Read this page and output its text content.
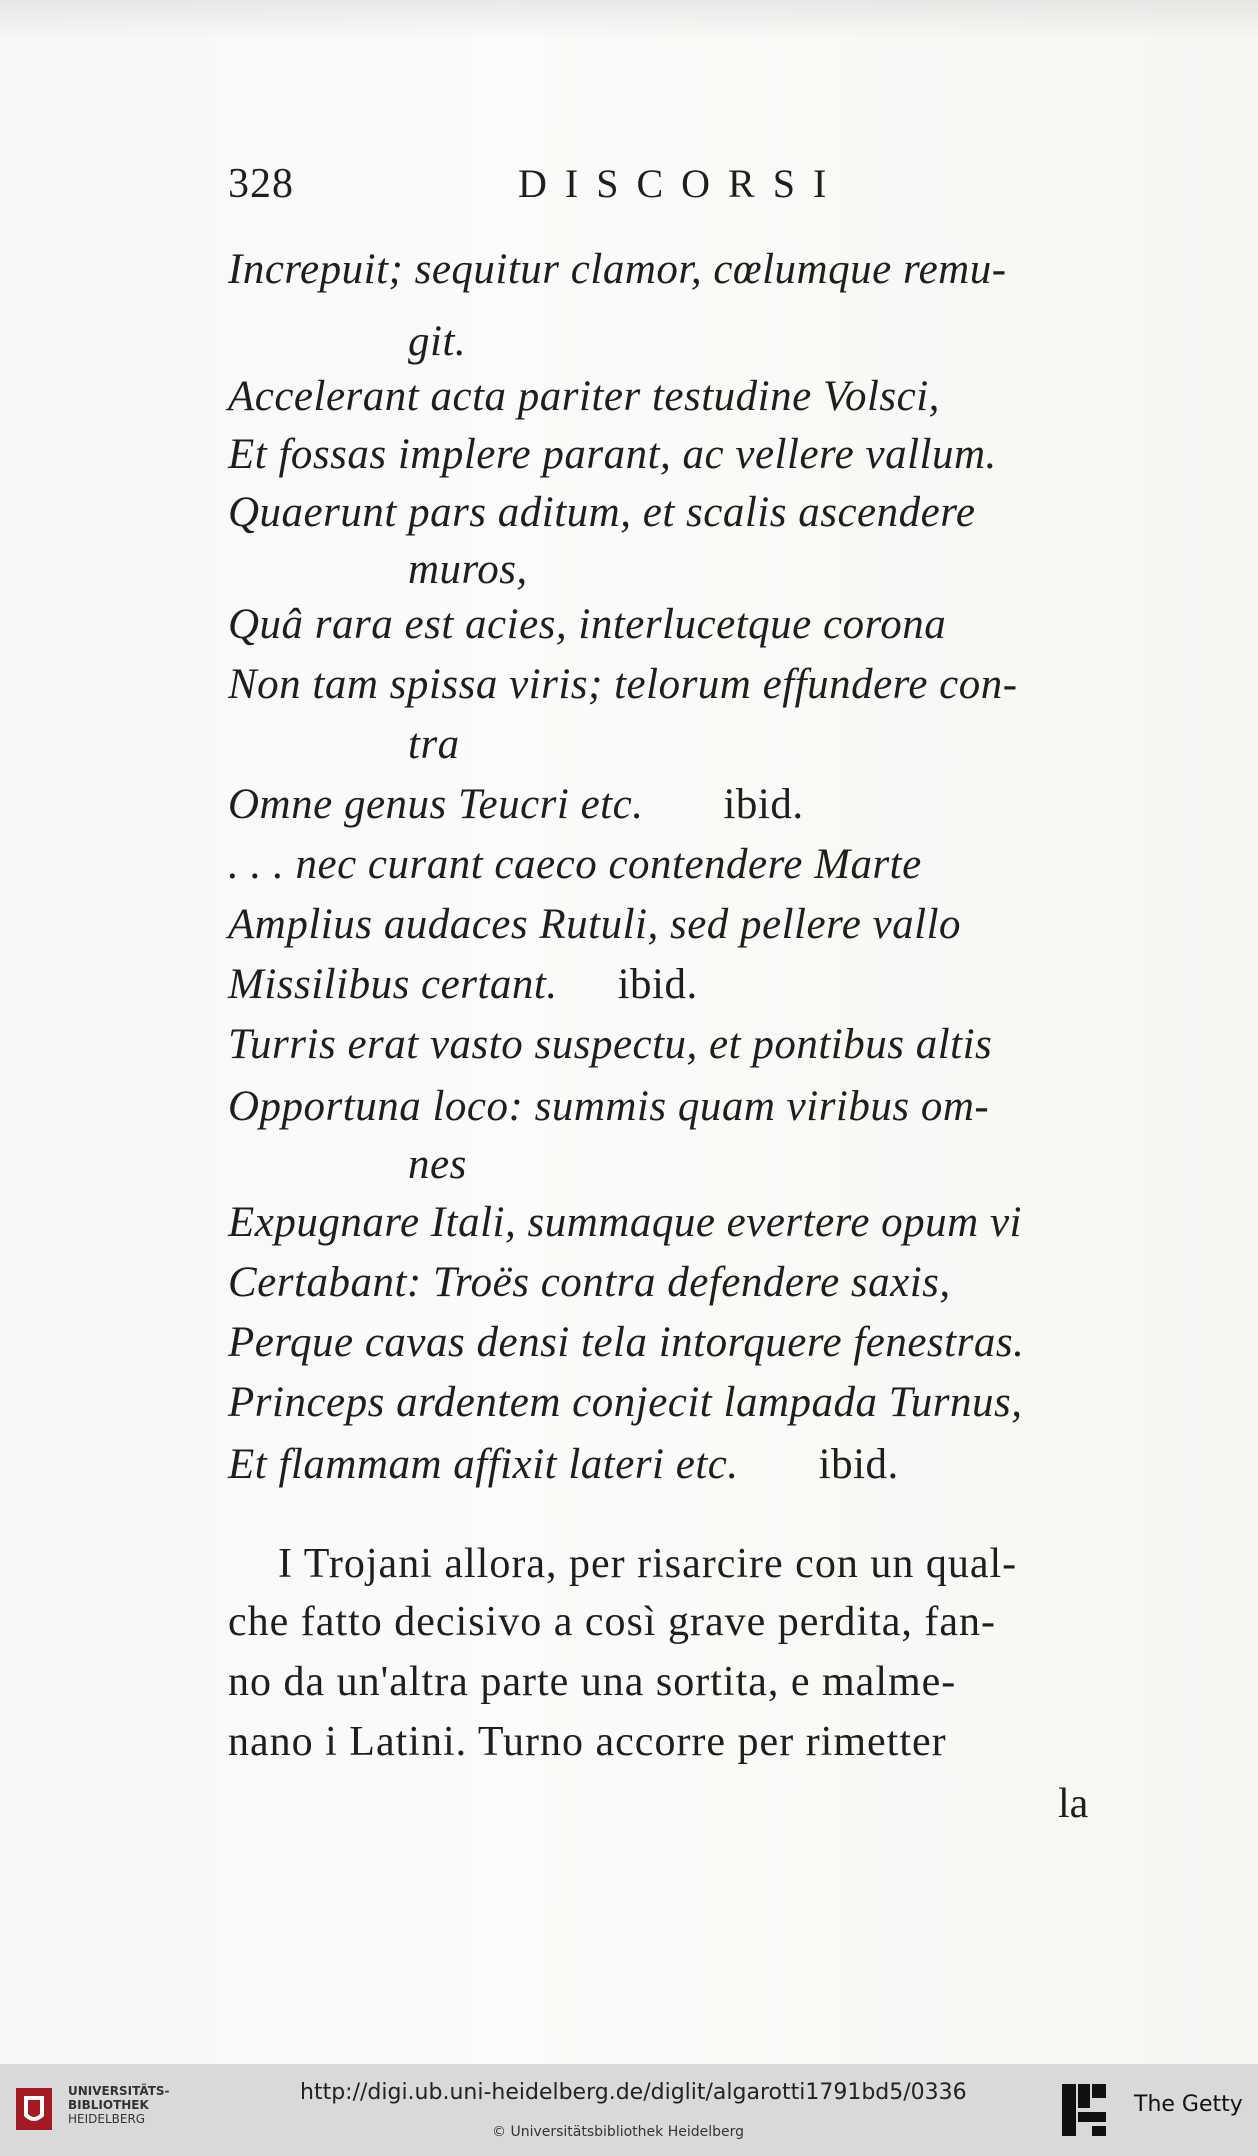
328	DISCORSI
Increpuit; sequitur clamor, cœlumque remu-
git.
Accelerant acta pariter testudine Volsci,
Et fossas implere parant, ac vellere vallum.
Quaerunt pars aditum, et scalis ascendere
muros,
Quâ rara est acies, interlucetque corona
Non tam spissa viris; telorum effundere con-
tra
Omne genus Teucri etc. ibid.
. . . nec curant caeco contendere Marte
Amplius audaces Rutuli, sed pellere vallo
Missilibus certant. ibid.
Turris erat vasto suspectu, et pontibus altis
Opportuna loco: summis quam viribus om-
nes
Expugnare Itali, summaque evertere opum vi
Certabant: Troës contra defendere saxis,
Perque cavas densi tela intorquere fenestras.
Princeps ardentem conjecit lampada Turnus,
Et flammam affixit lateri etc. ibid.
I Trojani allora, per risarcire con un qual-
che fatto decisivo a così grave perdita, fan-
no da un'altra parte una sortita, e malme-
nano i Latini. Turno accorre per rimetter
la
UNIVERSITÄTS-
BIBLIOTHEK
HEIDELBERG
http://digi.ub.uni-heidelberg.de/diglit/algarotti1791bd5/0336
© Universitätsbibliothek Heidelberg
The Getty
